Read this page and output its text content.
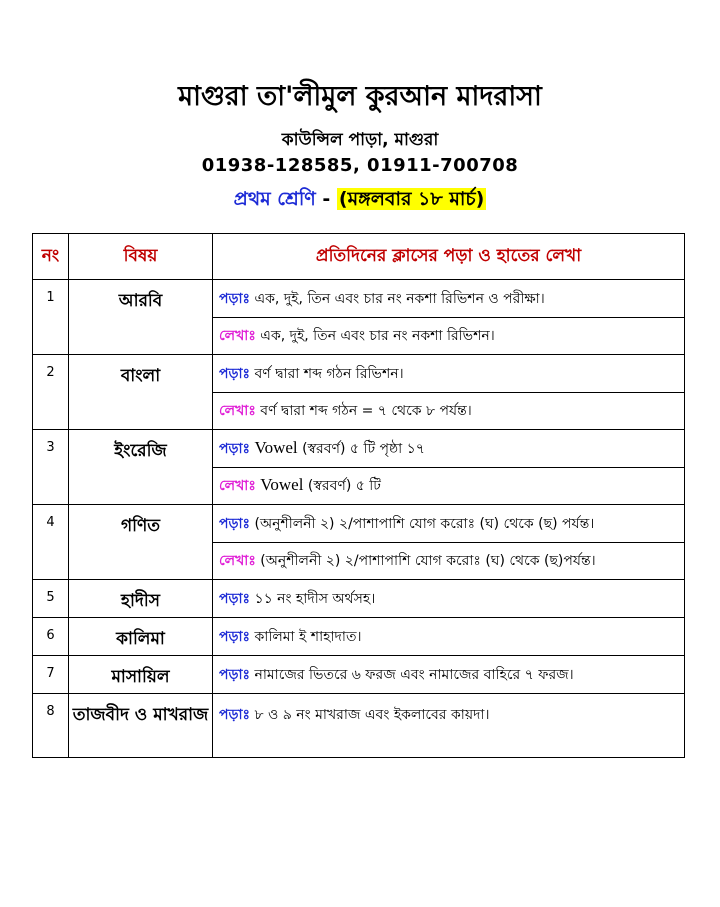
মাগুরা তা'লীমুল কুরআন মাদরাসা
কাউন্সিল পাড়া, মাগুরা
01938-128585, 01911-700708
প্রথম শ্রেণি - (মঙ্গলবার ১৮ মার্চ)
নং	বিষয়	প্রতিদিনের ক্লাসের পড়া ও হাতের লেখা
1	আরবি	পড়াঃ এক, দুই, তিন এবং চার নং নকশা রিভিশন ও পরীক্ষা।
		লেখাঃ এক, দুই, তিন এবং চার নং নকশা রিভিশন।
2	বাংলা	পড়াঃ বর্ণ দ্বারা শব্দ গঠন রিভিশন।
		লেখাঃ বর্ণ দ্বারা শব্দ গঠন = ৭ থেকে ৮ পর্যন্ত।
3	ইংরেজি	পড়াঃ Vowel (স্বরবর্ণ) ৫ টি পৃষ্ঠা ১৭
		লেখাঃ Vowel (স্বরবর্ণ) ৫ টি
4	গণিত	পড়াঃ (অনুশীলনী ২) ২/পাশাপাশি যোগ করোঃ (ঘ) থেকে (ছ) পর্যন্ত।
		লেখাঃ (অনুশীলনী ২) ২/পাশাপাশি যোগ করোঃ (ঘ) থেকে (ছ)পর্যন্ত।
5	হাদীস	পড়াঃ ১১ নং হাদীস অর্থসহ।
6	কালিমা	পড়াঃ কালিমা ই শাহাদাত।
7	মাসায়িল	পড়াঃ নামাজের ভিতরে ৬ ফরজ এবং নামাজের বাহিরে ৭ ফরজ।
8	তাজবীদ ও মাখরাজ	পড়াঃ ৮ ও ৯ নং মাখরাজ এবং ইকলাবের কায়দা।
